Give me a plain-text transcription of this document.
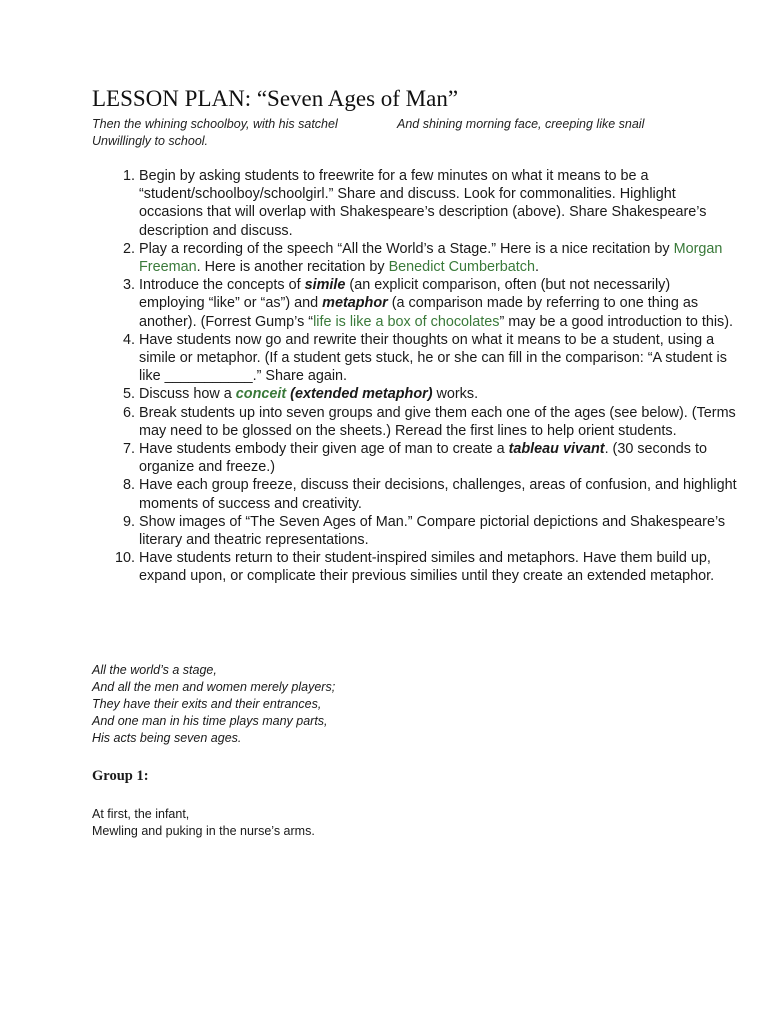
LESSON PLAN: “Seven Ages of Man”
Then the whining schoolboy, with his satchel	And shining morning face, creeping like snail
Unwillingly to school.
1. Begin by asking students to freewrite for a few minutes on what it means to be a “student/schoolboy/schoolgirl.” Share and discuss. Look for commonalities. Highlight occasions that will overlap with Shakespeare’s description (above). Share Shakespeare’s description and discuss.
2. Play a recording of the speech “All the World’s a Stage.” Here is a nice recitation by Morgan Freeman. Here is another recitation by Benedict Cumberbatch.
3. Introduce the concepts of simile (an explicit comparison, often (but not necessarily) employing “like” or “as”) and metaphor (a comparison made by referring to one thing as another). (Forrest Gump’s “life is like a box of chocolates” may be a good introduction to this).
4. Have students now go and rewrite their thoughts on what it means to be a student, using a simile or metaphor. (If a student gets stuck, he or she can fill in the comparison: “A student is like ___________.” Share again.
5. Discuss how a conceit (extended metaphor) works.
6. Break students up into seven groups and give them each one of the ages (see below). (Terms may need to be glossed on the sheets.) Reread the first lines to help orient students.
7. Have students embody their given age of man to create a tableau vivant. (30 seconds to organize and freeze.)
8. Have each group freeze, discuss their decisions, challenges, areas of confusion, and highlight moments of success and creativity.
9. Show images of “The Seven Ages of Man.” Compare pictorial depictions and Shakespeare’s literary and theatric representations.
10. Have students return to their student-inspired similes and metaphors. Have them build up, expand upon, or complicate their previous similies until they create an extended metaphor.
All the world’s a stage,
And all the men and women merely players;
They have their exits and their entrances,
And one man in his time plays many parts,
His acts being seven ages.
Group 1:
At first, the infant,
Mewling and puking in the nurse’s arms.
